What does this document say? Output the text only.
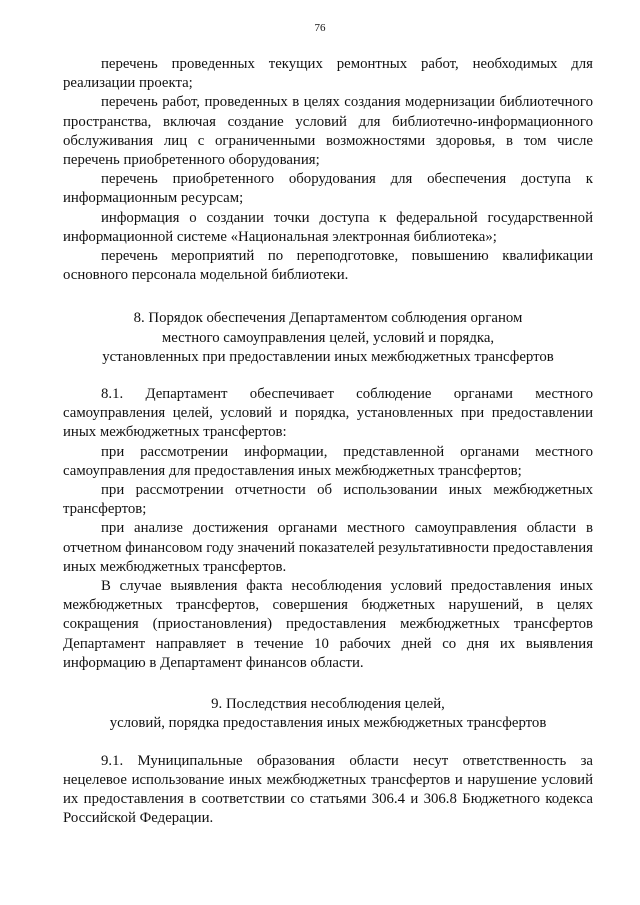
76

перечень проведенных текущих ремонтных работ, необходимых для реализации проекта;

перечень работ, проведенных в целях создания модернизации библиотечного пространства, включая создание условий для библиотечно-информационного обслуживания лиц с ограниченными возможностями здоровья, в том числе перечень приобретенного оборудования;

перечень приобретенного оборудования для обеспечения доступа к информационным ресурсам;

информация о создании точки доступа к федеральной государственной информационной системе «Национальная электронная библиотека»;

перечень мероприятий по переподготовке, повышению квалификации основного персонала модельной библиотеки.

8. Порядок обеспечения Департаментом соблюдения органом
местного самоуправления целей, условий и порядка,
установленных при предоставлении иных межбюджетных трансфертов

8.1. Департамент обеспечивает соблюдение органами местного самоуправления целей, условий и порядка, установленных при предоставлении иных межбюджетных трансфертов:

при рассмотрении информации, представленной органами местного самоуправления для предоставления иных межбюджетных трансфертов;

при рассмотрении отчетности об использовании иных межбюджетных трансфертов;

при анализе достижения органами местного самоуправления области в отчетном финансовом году значений показателей результативности предоставления иных межбюджетных трансфертов.

В случае выявления факта несоблюдения условий предоставления иных межбюджетных трансфертов, совершения бюджетных нарушений, в целях сокращения (приостановления) предоставления межбюджетных трансфертов Департамент направляет в течение 10 рабочих дней со дня их выявления информацию в Департамент финансов области.

9. Последствия несоблюдения целей,
условий, порядка предоставления иных межбюджетных трансфертов

9.1. Муниципальные образования области несут ответственность за нецелевое использование иных межбюджетных трансфертов и нарушение условий их предоставления в соответствии со статьями 306.4 и 306.8 Бюджетного кодекса Российской Федерации.
